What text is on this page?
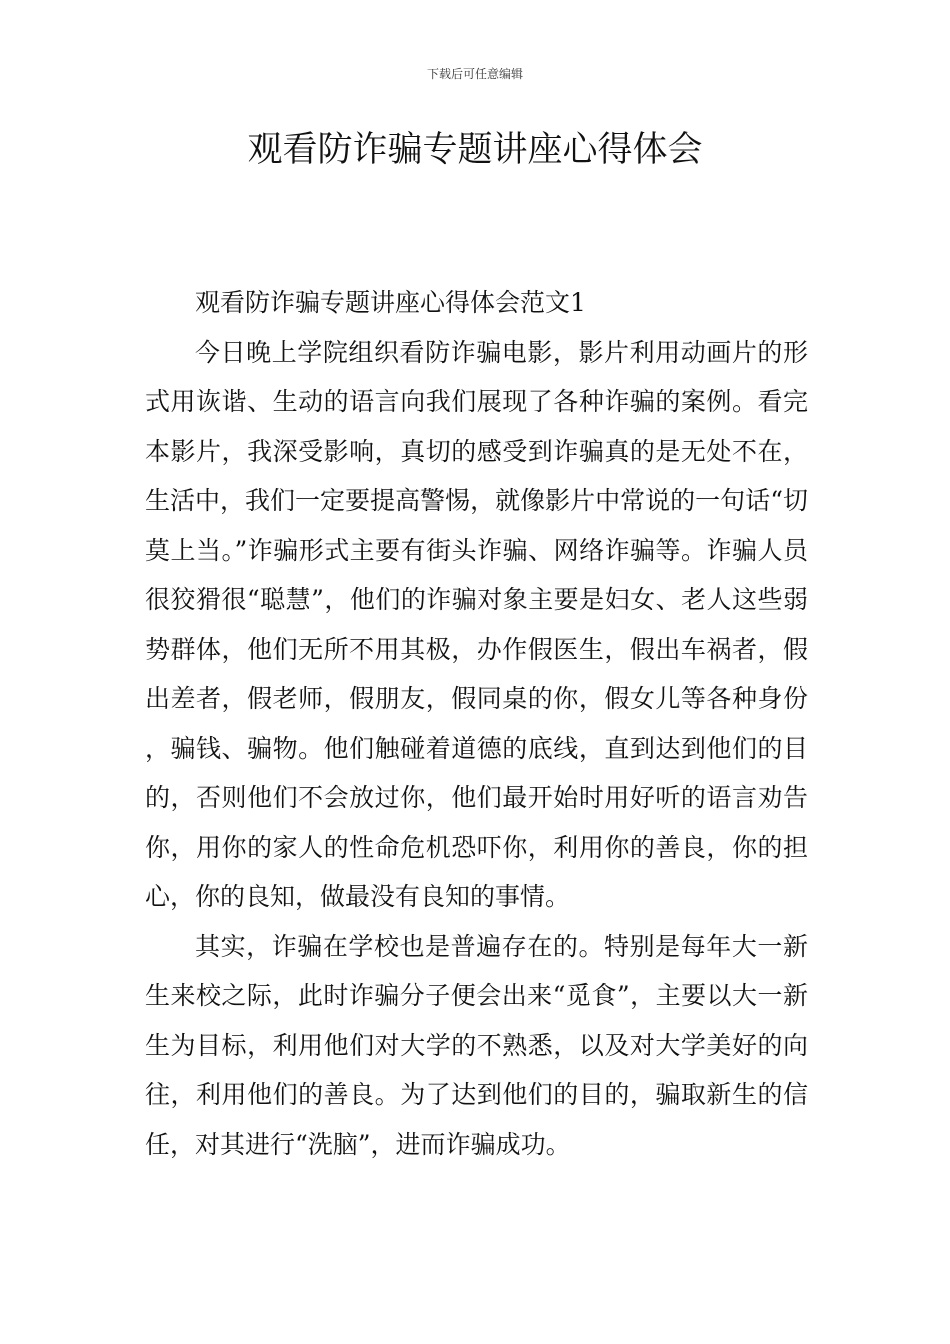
下载后可任意编辑
观看防诈骗专题讲座心得体会

观看防诈骗专题讲座心得体会范文1

今日晚上学院组织看防诈骗电影，影片利用动画片的形式用诙谐、生动的语言向我们展现了各种诈骗的案例。看完本影片，我深受影响，真切的感受到诈骗真的是无处不在，生活中，我们一定要提高警惕，就像影片中常说的一句话“切莫上当。”诈骗形式主要有街头诈骗、网络诈骗等。诈骗人员很狡猾很“聪慧”，他们的诈骗对象主要是妇女、老人这些弱势群体，他们无所不用其极，办作假医生，假出车祸者，假出差者，假老师，假朋友，假同桌的你，假女儿等各种身份，骗钱、骗物。他们触碰着道德的底线，直到达到他们的目的，否则他们不会放过你，他们最开始时用好听的语言劝告你，用你的家人的性命危机恐吓你，利用你的善良，你的担心，你的良知，做最没有良知的事情。

其实，诈骗在学校也是普遍存在的。特别是每年大一新生来校之际，此时诈骗分子便会出来“觅食”，主要以大一新生为目标，利用他们对大学的不熟悉，以及对大学美好的向往，利用他们的善良。为了达到他们的目的，骗取新生的信任，对其进行“洗脑”，进而诈骗成功。
